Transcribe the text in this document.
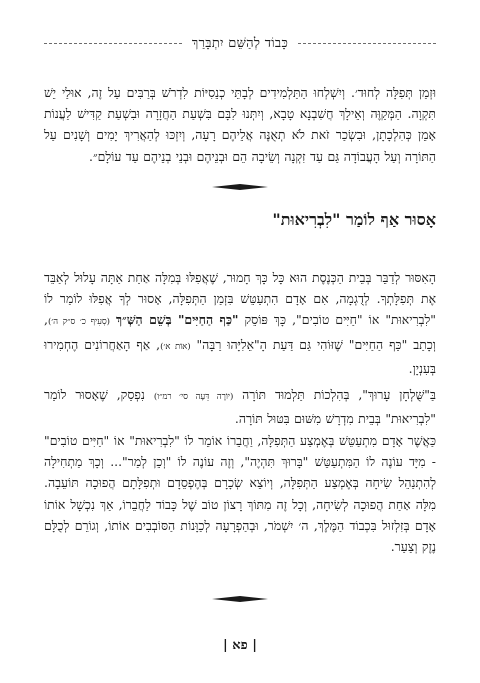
כָּבוֹד לְהַשֵּׁם יִתְבָּרַךְ

וּזְמַן תְּפִלָּה לְחוּד׳. וְיִשְׁלְחוּ הַתַּלְמִידִים לְבָתֵּי כְנֵסִיּוֹת לִדְרֹשׁ בְּרַבִּים עַל זֶה, אוּלַי יֵשׁ תִּקְוָה. הַמְּקַוֶּה וְאֵילָךְ חֲשִׁבְנָא טָבָא, וְיִתְּנוּ לִבָּם בִּשְׁעַת הַחֲזָרָה וּבִשְׁעַת קַדִּישׁ לַעֲנוֹת אָמֵן כְּהִלְכָתָן, וּבִשְׂכַר זֹאת לֹא תְאֻנֶּה אֲלֵיהֶם רָעָה, וְיִזְכּוּ לְהַאֲרִיךְ יָמִים וְשָׁנִים עַל הַתּוֹרָה וְעַל הָעֲבוֹדָה גַּם עַד זִקְנָה וְשֵׂיבָה הֵם וּבְנֵיהֶם וּבְנֵי בְנֵיהֶם עַד עוֹלָם״.

אָסוּר אַף לוֹמַר "לִבְרִיאוּת"

הָאִסּוּר לְדַבֵּר בְּבֵית הַכְּנֶסֶת הוּא כָּל כָּךְ חָמוּר, שֶׁאֲפִלּוּ בְּמִלָּה אַחַת אַתָּה עָלוּל לְאַבֵּד אֶת תְּפִלָּתְךָ. לְדֻגְמָה, אִם אָדָם הִתְעַטֵּשׁ בִּזְמַן הַתְּפִלָּה, אָסוּר לְךָ אֲפִלּוּ לוֹמַר לוֹ "לִבְרִיאוּת" אוֹ "חַיִּים טוֹבִים", כָּךְ פּוֹסֵק "כַּף הַחַיִּים" בְּשֵׁם הַשְּׁ״ךְ (סְעִיף כ׳ ס״ק ה׳), וְכָתַב "כַּף הַחַיִּים" שֶׁזּוֹהִי גַּם דַּעַת הָ"אֵלִיָּהוּ רַבָּה" (אוֹת א׳), אַף הָאַחֲרוֹנִים הֶחְמִירוּ בְּעִנְיָן.

בַּ"שֻּׁלְחָן עָרוּךְ", בְּהִלְכוֹת תַּלְמוּד תּוֹרָה (יוֹרֶה דֵּעָה סי׳ רמ״ו) נִפְסַק, שֶׁאָסוּר לוֹמַר "לִבְרִיאוּת" בְּבֵית מִדְרָשׁ מִשּׁוּם בִּטּוּל תּוֹרָה.

כַּאֲשֶׁר אָדָם מִתְעַטֵּשׁ בְּאֶמְצַע הַתְּפִלָּה, וַחֲבֵרוֹ אוֹמֵר לוֹ "לִבְרִיאוּת" אוֹ "חַיִּים טוֹבִים" - מִיָּד עוֹנֶה לוֹ הַמִּתְעַטֵּשׁ "בָּרוּךְ תִּהְיֶה", וְזֶה עוֹנֶה לוֹ "וְכֵן לְמַר"... וְכָךְ מַתְחִילָה לְהִתְנַהֵל שִׂיחָה בְּאֶמְצַע הַתְּפִלָּה, וְיוֹצֵא שְׂכָרָם בְּהֶפְסֵדָם וּתְפִלָּתָם הֲפוּכָה תּוֹעֵבָה. מִלָּה אַחַת הֲפוּכָה לְשִׂיחָה, וְכָל זֶה מִתּוֹךְ רָצוֹן טוֹב שֶׁל כָּבוֹד לַחֲבֵרוֹ, אַךְ נִכְשָׁל אוֹתוֹ אָדָם בְּזִלְזוּל בִּכְבוֹד הַמֶּלֶךְ, ה׳ יִשְׁמֹר, וּבְהַפְרָעָה לְכַוָּנוֹת הַסּוֹבְבִים אוֹתוֹ, וְגוֹרֵם לְכֻלָּם נֶזֶק וְצַעַר.

| פא |
